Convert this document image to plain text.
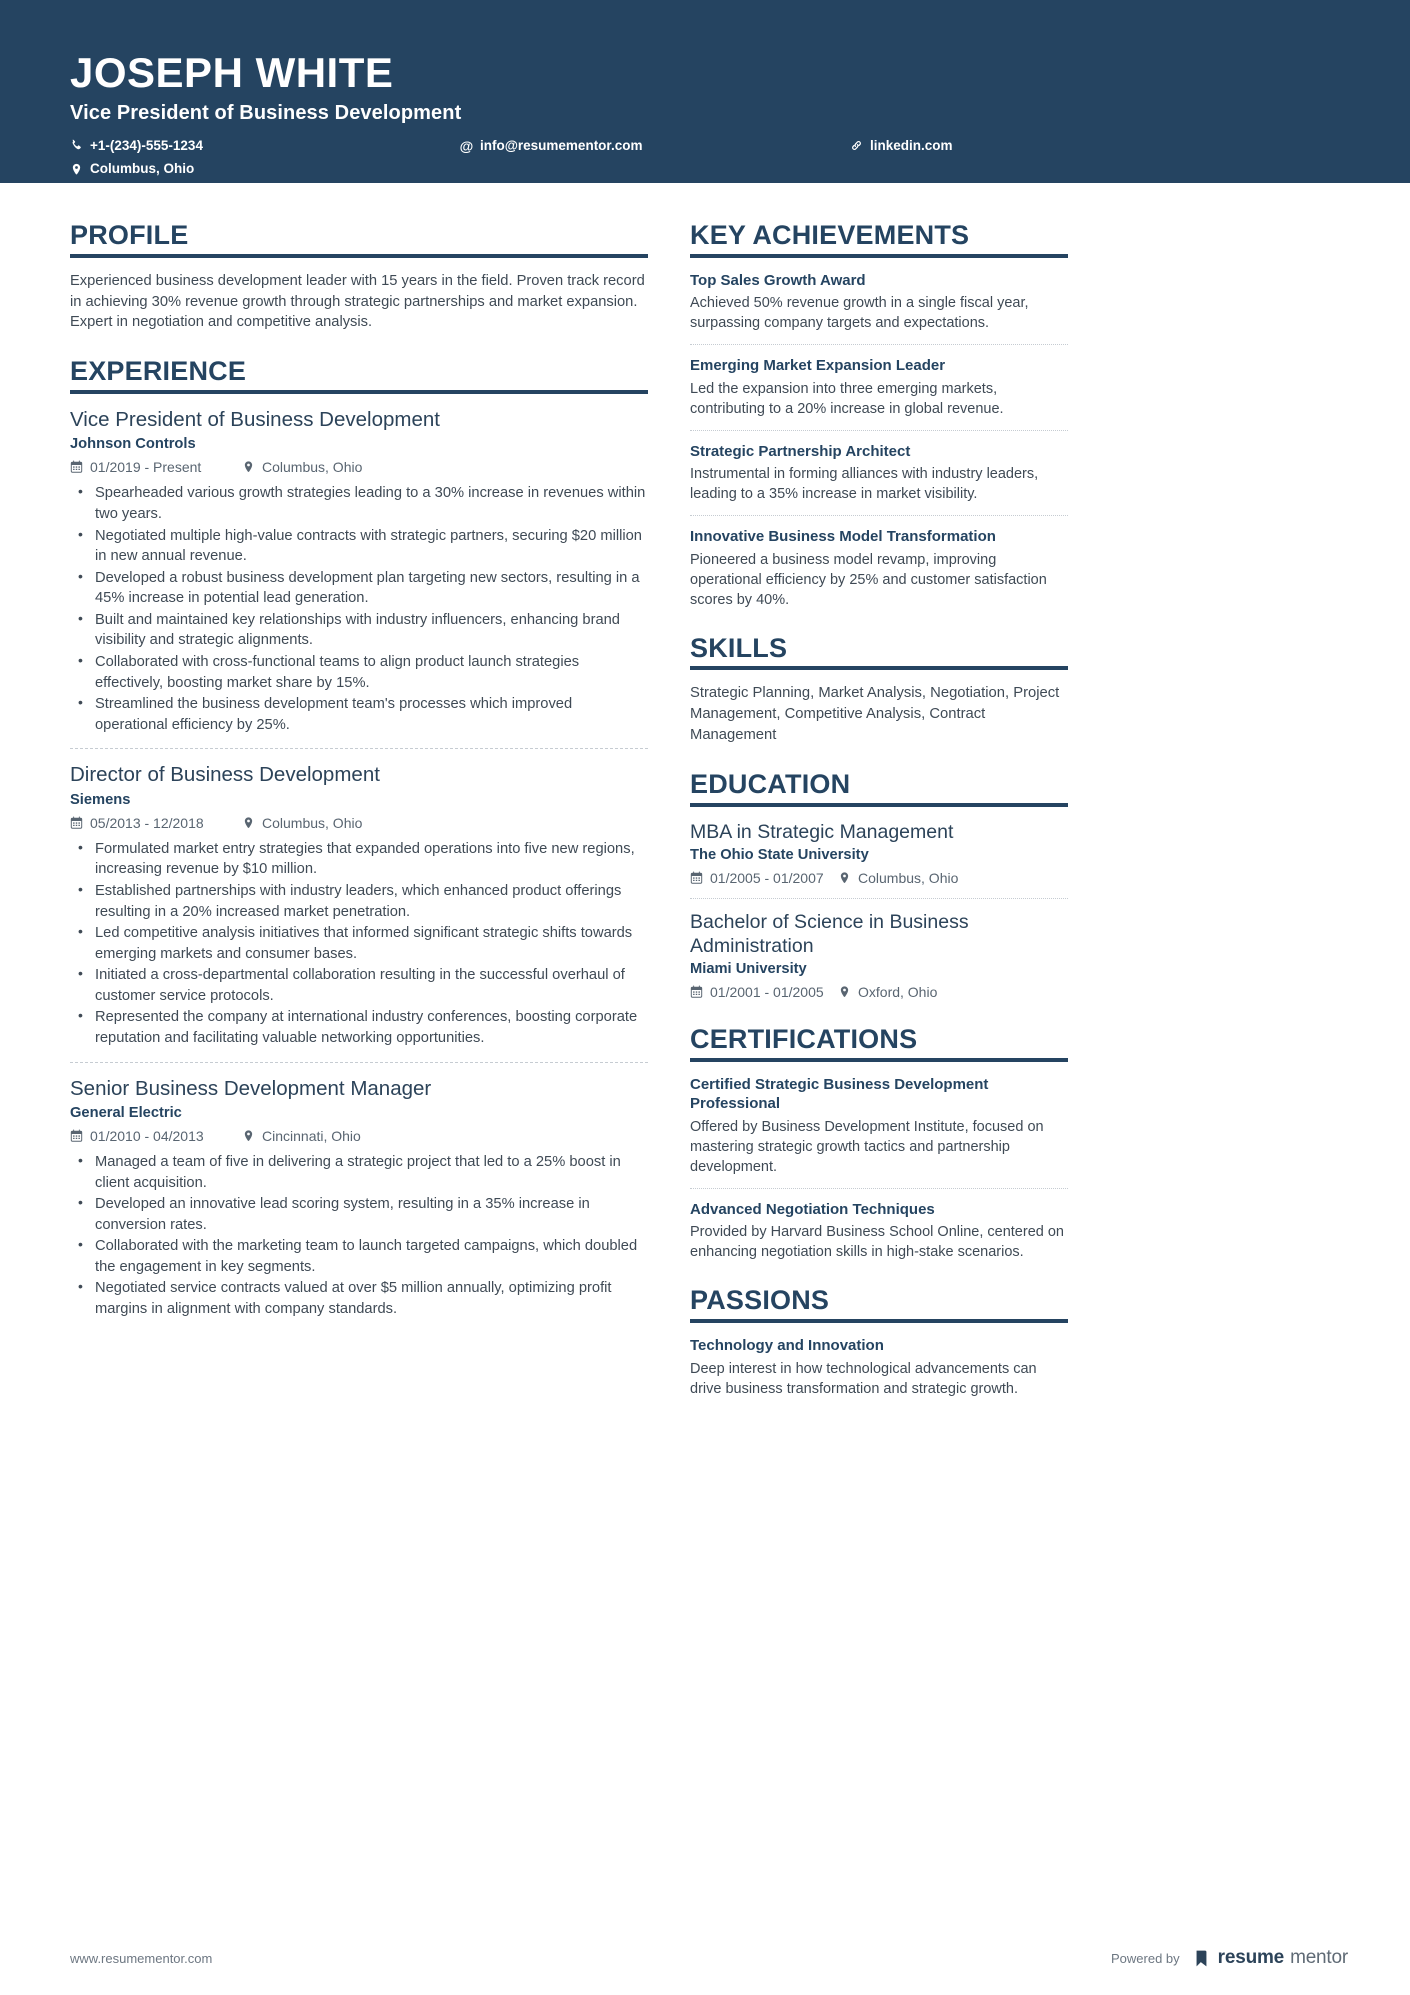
JOSEPH WHITE
Vice President of Business Development
+1-(234)-555-1234	@ info@resumementor.com	linkedin.com
Columbus, Ohio
PROFILE

Experienced business development leader with 15 years in the field. Proven track record in achieving 30% revenue growth through strategic partnerships and market expansion. Expert in negotiation and competitive analysis.

EXPERIENCE
Vice President of Business Development
Johnson Controls
01/2019 - Present	Columbus, Ohio
• Spearheaded various growth strategies leading to a 30% increase in revenues within two years.
• Negotiated multiple high-value contracts with strategic partners, securing $20 million in new annual revenue.
• Developed a robust business development plan targeting new sectors, resulting in a 45% increase in potential lead generation.
• Built and maintained key relationships with industry influencers, enhancing brand visibility and strategic alignments.
• Collaborated with cross-functional teams to align product launch strategies effectively, boosting market share by 15%.
• Streamlined the business development team's processes which improved operational efficiency by 25%.
Director of Business Development
Siemens
05/2013 - 12/2018	Columbus, Ohio
• Formulated market entry strategies that expanded operations into five new regions, increasing revenue by $10 million.
• Established partnerships with industry leaders, which enhanced product offerings resulting in a 20% increased market penetration.
• Led competitive analysis initiatives that informed significant strategic shifts towards emerging markets and consumer bases.
• Initiated a cross-departmental collaboration resulting in the successful overhaul of customer service protocols.
• Represented the company at international industry conferences, boosting corporate reputation and facilitating valuable networking opportunities.
Senior Business Development Manager
General Electric
01/2010 - 04/2013	Cincinnati, Ohio
• Managed a team of five in delivering a strategic project that led to a 25% boost in client acquisition.
• Developed an innovative lead scoring system, resulting in a 35% increase in conversion rates.
• Collaborated with the marketing team to launch targeted campaigns, which doubled the engagement in key segments.
• Negotiated service contracts valued at over $5 million annually, optimizing profit margins in alignment with company standards.
KEY ACHIEVEMENTS
Top Sales Growth Award
Achieved 50% revenue growth in a single fiscal year, surpassing company targets and expectations.
Emerging Market Expansion Leader
Led the expansion into three emerging markets, contributing to a 20% increase in global revenue.
Strategic Partnership Architect
Instrumental in forming alliances with industry leaders, leading to a 35% increase in market visibility.
Innovative Business Model Transformation
Pioneered a business model revamp, improving operational efficiency by 25% and customer satisfaction scores by 40%.
SKILLS

Strategic Planning, Market Analysis, Negotiation, Project Management, Competitive Analysis, Contract Management

EDUCATION
MBA in Strategic Management
The Ohio State University
01/2005 - 01/2007 Columbus, Ohio
Bachelor of Science in Business Administration
Miami University
01/2001 - 01/2005 Oxford, Ohio
CERTIFICATIONS
Certified Strategic Business Development Professional
Offered by Business Development Institute, focused on mastering strategic growth tactics and partnership development.
Advanced Negotiation Techniques
Provided by Harvard Business School Online, centered on enhancing negotiation skills in high-stake scenarios.
PASSIONS
Technology and Innovation
Deep interest in how technological advancements can drive business transformation and strategic growth.
www.resumementor.com	Powered by resume mentor
